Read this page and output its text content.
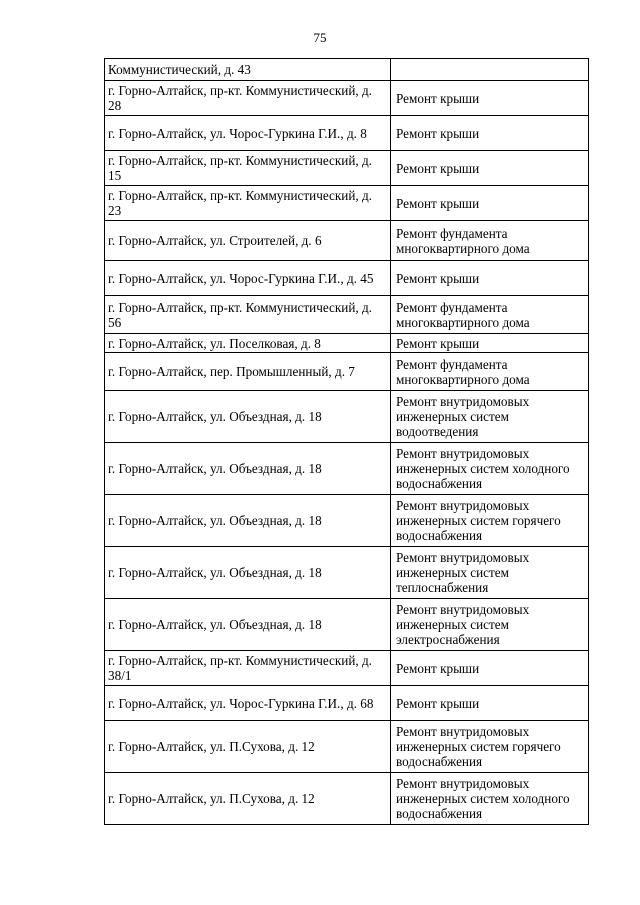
75
Коммунистический, д. 43	
г. Горно-Алтайск, пр-кт. Коммунистический, д. 28	Ремонт крыши
г. Горно-Алтайск, ул. Чорос-Гуркина Г.И., д. 8	Ремонт крыши
г. Горно-Алтайск, пр-кт. Коммунистический, д. 15	Ремонт крыши
г. Горно-Алтайск, пр-кт. Коммунистический, д. 23	Ремонт крыши
г. Горно-Алтайск, ул. Строителей, д. 6	Ремонт фундамента многоквартирного дома
г. Горно-Алтайск, ул. Чорос-Гуркина Г.И., д. 45	Ремонт крыши
г. Горно-Алтайск, пр-кт. Коммунистический, д. 56	Ремонт фундамента многоквартирного дома
г. Горно-Алтайск, ул. Поселковая, д. 8	Ремонт крыши
г. Горно-Алтайск, пер. Промышленный, д. 7	Ремонт фундамента многоквартирного дома
г. Горно-Алтайск, ул. Объездная, д. 18	Ремонт внутридомовых инженерных систем водоотведения
г. Горно-Алтайск, ул. Объездная, д. 18	Ремонт внутридомовых инженерных систем холодного водоснабжения
г. Горно-Алтайск, ул. Объездная, д. 18	Ремонт внутридомовых инженерных систем горячего водоснабжения
г. Горно-Алтайск, ул. Объездная, д. 18	Ремонт внутридомовых инженерных систем теплоснабжения
г. Горно-Алтайск, ул. Объездная, д. 18	Ремонт внутридомовых инженерных систем электроснабжения
г. Горно-Алтайск, пр-кт. Коммунистический, д. 38/1	Ремонт крыши
г. Горно-Алтайск, ул. Чорос-Гуркина Г.И., д. 68	Ремонт крыши
г. Горно-Алтайск, ул. П.Сухова, д. 12	Ремонт внутридомовых инженерных систем горячего водоснабжения
г. Горно-Алтайск, ул. П.Сухова, д. 12	Ремонт внутридомовых инженерных систем холодного водоснабжения
